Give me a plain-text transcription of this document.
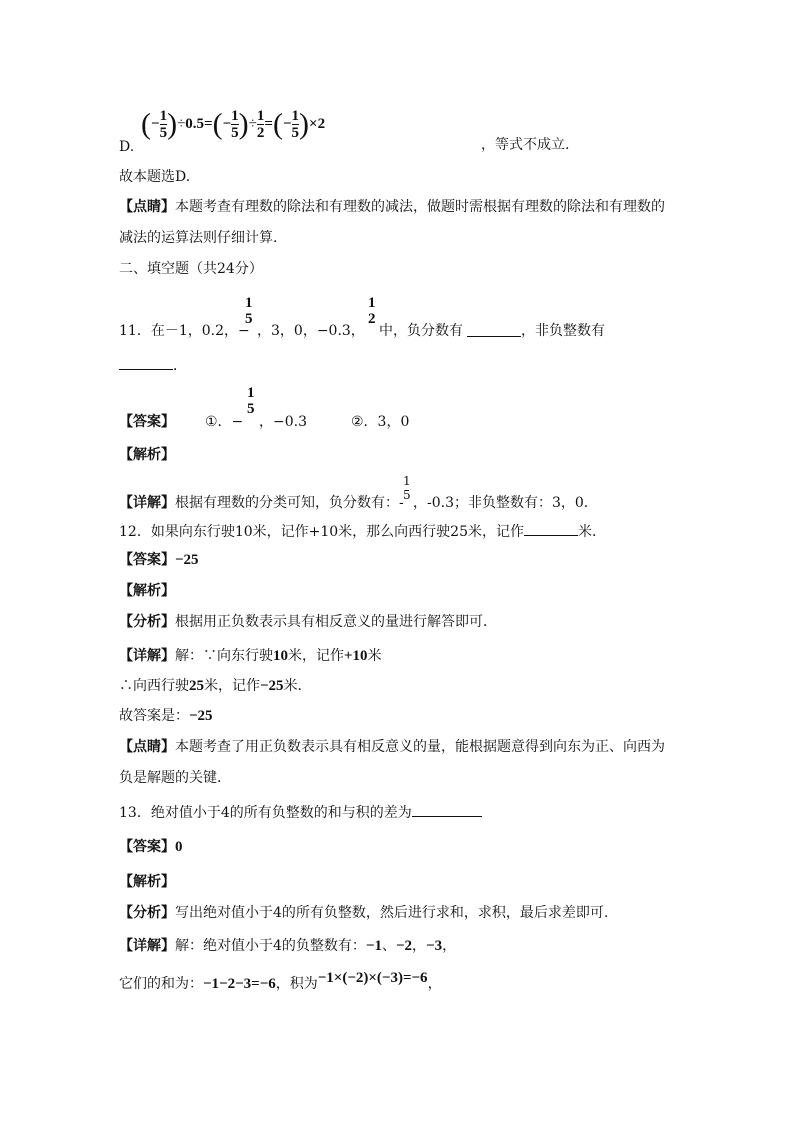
D.
(− $\frac{1}{5} )\div 0.5=(- \frac{1}{5}$ )÷ $\frac{1}{2}$ =(− $\frac{1}{5} )\times 2$
，等式不成立.
故本题选D.
【点睛】本题考查有理数的除法和有理数的减法，做题时需根据有理数的除法和有理数的
减法的运算法则仔细计算.
二、填空题（共24分）
11．在－1，0.2，−
1
5
，3，0，−0.3，
1
2
中，负分数有	，非负整数有
．
【答案】 ①．−
1
5
，−0.3	②．3，0
【解析】
【详解】 根据有理数的分类可知，负分数有：-
1
5 ，-0.3；非负整数有：3，0.
12．如果向东行驶10米，记作+10米，那么向西行驶25米，记作	米．
【答案】−25
【解析】
【分析】根据用正负数表示具有相反意义的量进行解答即可．
【详解】解：∵向东行驶10米，记作+10米
∴向西行驶25米，记作−25米．
故答案是：−25
【点睛】本题考查了用正负数表示具有相反意义的量，能根据题意得到向东为正、向西为
负是解题的关键．
13．绝对值小于4的所有负整数的和与积的差为
【答案】0
【解析】
【分析】写出绝对值小于4的所有负整数，然后进行求和，求积，最后求差即可.
【详解】解：绝对值小于4的负整数有：−1、−2，−3，
它们的和为：−1−2−3=−6，积为−1×(−2)×(−3)=−6，
